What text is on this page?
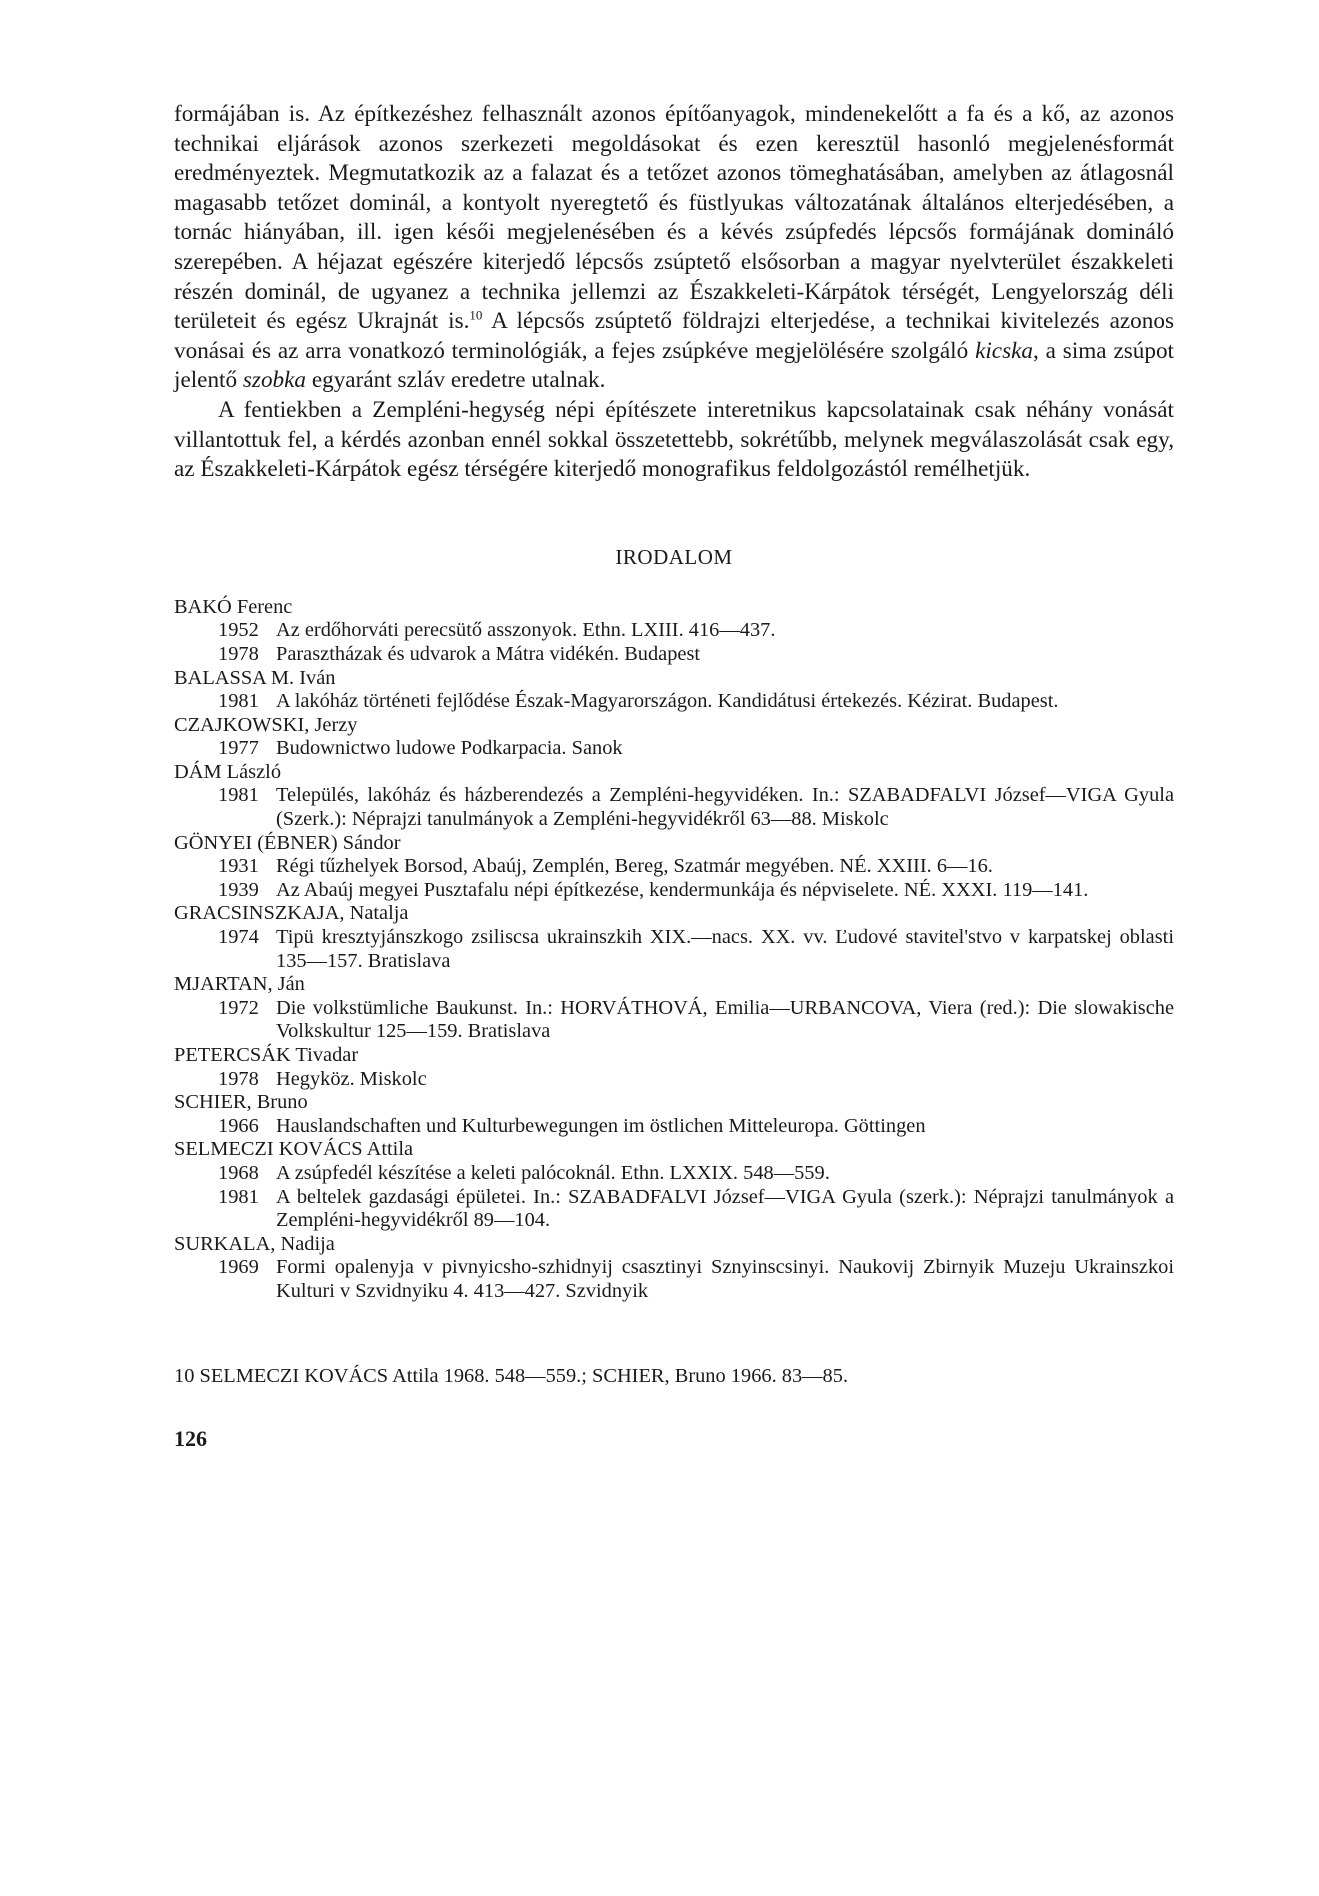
formájában is. Az építkezéshez felhasznált azonos építőanyagok, mindenekelőtt a fa és a kő, az azonos technikai eljárások azonos szerkezeti megoldásokat és ezen keresztül hasonló megjelenésformát eredményeztek. Megmutatkozik az a falazat és a tetőzet azonos tömeghatásában, amelyben az átlagosnál magasabb tetőzet dominál, a kontyolt nyeregtető és füstlyukas változatának általános elterjedésében, a tornác hiányában, ill. igen késői megjelenésében és a kévés zsúpfedés lépcsős formájának domináló szerepében. A héjazat egészére kiterjedő lépcsős zsúptető elsősorban a magyar nyelvterület északkeleti részén dominál, de ugyanez a technika jellemzi az Északkeleti-Kárpátok térségét, Lengyelország déli területeit és egész Ukrajnát is.$^{10}$ A lépcsős zsúptető földrajzi elterjedése, a technikai kivitelezés azonos vonásai és az arra vonatkozó terminológiák, a fejes zsúpkéve megjelölésére szolgáló kicska, a sima zsúpot jelentő szobka egyaránt szláv eredetre utalnak.

A fentiekben a Zempléni-hegység népi építészete interetnikus kapcsolatainak csak néhány vonását villantottuk fel, a kérdés azonban ennél sokkal összetettebb, sokrétűbb, melynek megválaszolását csak egy, az Északkeleti-Kárpátok egész térségére kiterjedő monografikus feldolgozástól remélhetjük.

IRODALOM
BAKÓ Ferenc
1952 Az erdőhorváti perecsütő asszonyok. Ethn. LXIII. 416—437.
1978 Parasztházak és udvarok a Mátra vidékén. Budapest
BALASSA M. Iván
1981 A lakóház történeti fejlődése Észak-Magyarországon. Kandidátusi értekezés. Kézirat. Budapest.
CZAJKOWSKI, Jerzy
1977 Budownictwo ludowe Podkarpacia. Sanok
DÁM László
1981 Település, lakóház és házberendezés a Zempléni-hegyvidéken. In.: SZABADFALVI József—VIGA Gyula (Szerk.): Néprajzi tanulmányok a Zempléni-hegyvidékről 63—88. Miskolc
GÖNYEI (ÉBNER) Sándor
1931 Régi tűzhelyek Borsod, Abaúj, Zemplén, Bereg, Szatmár megyében. NÉ. XXIII. 6—16.
1939 Az Abaúj megyei Pusztafalu népi építkezése, kendermunkája és népviselete. NÉ. XXXI. 119—141.
GRACSINSZKAJA, Natalja
1974 Tipü kresztyjánszkogo zsiliscsa ukrainszkih XIX.—nacs. XX. vv. Ľudové stavitel'stvo v karpatskej oblasti 135—157. Bratislava
MJARTAN, Ján
1972 Die volkstümliche Baukunst. In.: HORVÁTHOVÁ, Emilia—URBANCOVA, Viera (red.): Die slowakische Volkskultur 125—159. Bratislava
PETERCSÁK Tivadar
1978 Hegyköz. Miskolc
SCHIER, Bruno
1966 Hauslandschaften und Kulturbewegungen im östlichen Mitteleuropa. Göttingen
SELMECZI KOVÁCS Attila
1968 A zsúpfedél készítése a keleti palócoknál. Ethn. LXXIX. 548—559.
1981 A beltelek gazdasági épületei. In.: SZABADFALVI József—VIGA Gyula (szerk.): Néprajzi tanulmányok a Zempléni-hegyvidékről 89—104.
SURKALA, Nadija
1969 Formi opalenyja v pivnyicsho-szhidnyij csasztinyi Sznyinscsinyi. Naukovij Zbirnyik Muzeju Ukrainszkoi Kulturi v Szvidnyiku 4. 413—427. Szvidnyik
10 SELMECZI KOVÁCS Attila 1968. 548—559.; SCHIER, Bruno 1966. 83—85.
126
